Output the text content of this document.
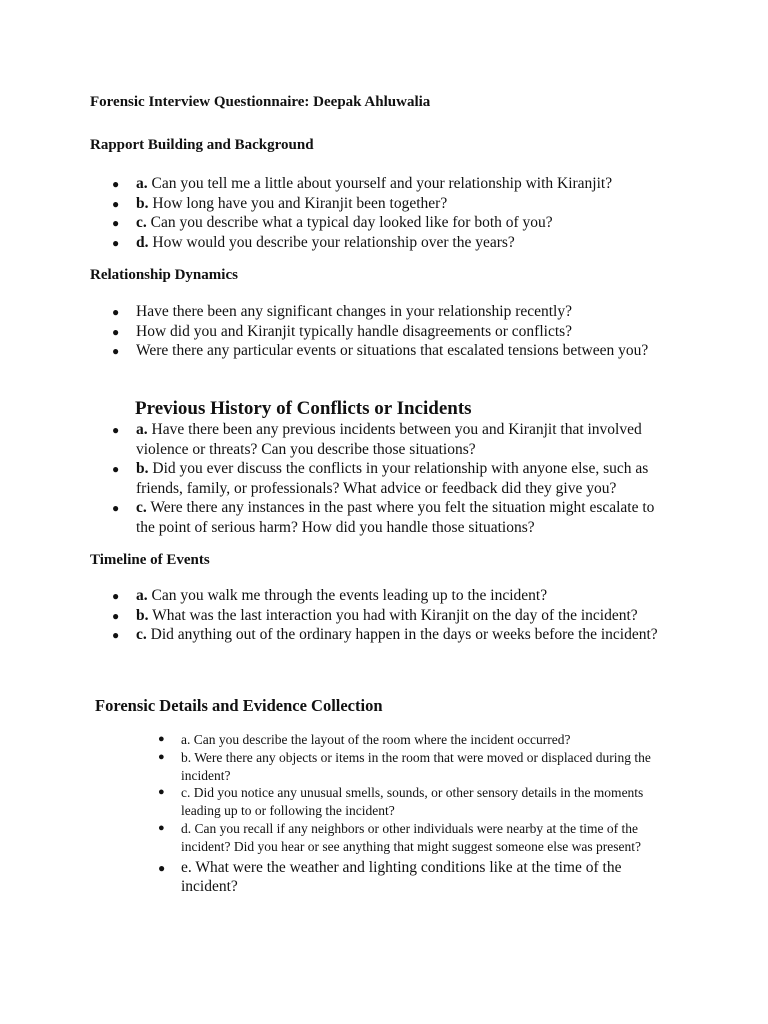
Forensic Interview Questionnaire: Deepak Ahluwalia
Rapport Building and Background
● a. Can you tell me a little about yourself and your relationship with Kiranjit?
● b. How long have you and Kiranjit been together?
● c. Can you describe what a typical day looked like for both of you?
● d. How would you describe your relationship over the years?
Relationship Dynamics
● Have there been any significant changes in your relationship recently?
● How did you and Kiranjit typically handle disagreements or conflicts?
● Were there any particular events or situations that escalated tensions between you?
Previous History of Conflicts or Incidents
● a. Have there been any previous incidents between you and Kiranjit that involved violence or threats? Can you describe those situations?
● b. Did you ever discuss the conflicts in your relationship with anyone else, such as friends, family, or professionals? What advice or feedback did they give you?
● c. Were there any instances in the past where you felt the situation might escalate to the point of serious harm? How did you handle those situations?
Timeline of Events
● a. Can you walk me through the events leading up to the incident?
● b. What was the last interaction you had with Kiranjit on the day of the incident?
● c. Did anything out of the ordinary happen in the days or weeks before the incident?
Forensic Details and Evidence Collection
● a. Can you describe the layout of the room where the incident occurred?
● b. Were there any objects or items in the room that were moved or displaced during the incident?
● c. Did you notice any unusual smells, sounds, or other sensory details in the moments leading up to or following the incident?
● d. Can you recall if any neighbors or other individuals were nearby at the time of the incident? Did you hear or see anything that might suggest someone else was present?
● e. What were the weather and lighting conditions like at the time of the incident?
